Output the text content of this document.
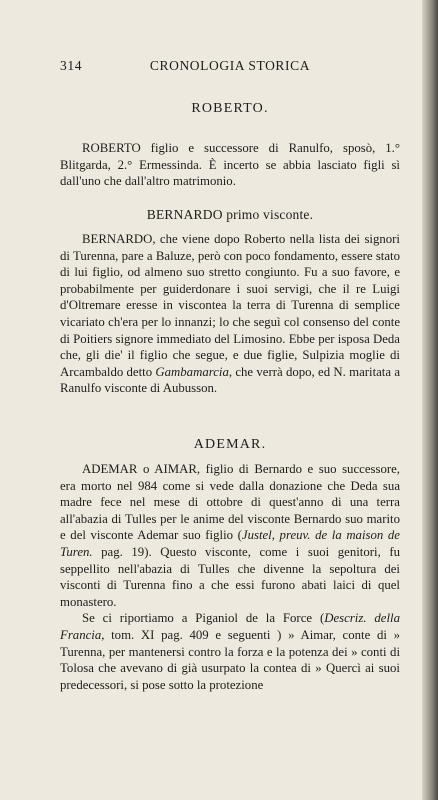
314	CRONOLOGIA STORICA
ROBERTO.

ROBERTO figlio e successore di Ranulfo, sposò, 1.° Blitgarda, 2.° Ermessinda. È incerto se abbia lasciato figli sì dall'uno che dall'altro matrimonio.

BERNARDO primo visconte.

BERNARDO, che viene dopo Roberto nella lista dei signori di Turenna, pare a Baluze, però con poco fondamento, essere stato di lui figlio, od almeno suo stretto congiunto. Fu a suo favore, e probabilmente per guiderdonare i suoi servigi, che il re Luigi d'Oltremare eresse in viscontea la terra di Turenna di semplice vicariato ch'era per lo innanzi; lo che seguì col consenso del conte di Poitiers signore immediato del Limosino. Ebbe per isposa Deda che, gli die' il figlio che segue, e due figlie, Sulpizia moglie di Arcambaldo detto Gambamarcia, che verrà dopo, ed N. maritata a Ranulfo visconte di Aubusson.

ADEMAR.

ADEMAR o AIMAR, figlio di Bernardo e suo successore, era morto nel 984 come si vede dalla donazione che Deda sua madre fece nel mese di ottobre di quest'anno di una terra all'abazia di Tulles per le anime del visconte Bernardo suo marito e del visconte Ademar suo figlio (Justel, preuv. de la maison de Turen. pag. 19). Questo visconte, come i suoi genitori, fu seppellito nell'abazia di Tulles che divenne la sepoltura dei visconti di Turenna fino a che essi furono abati laici di quel monastero.

Se ci riportiamo a Piganiol de la Force (Descriz. della Francia, tom. XI pag. 409 e seguenti ) » Aimar, conte di » Turenna, per mantenersi contro la forza e la potenza dei » conti di Tolosa che avevano di già usurpato la contea di » Quercì ai suoi predecessori, si pose sotto la protezione
